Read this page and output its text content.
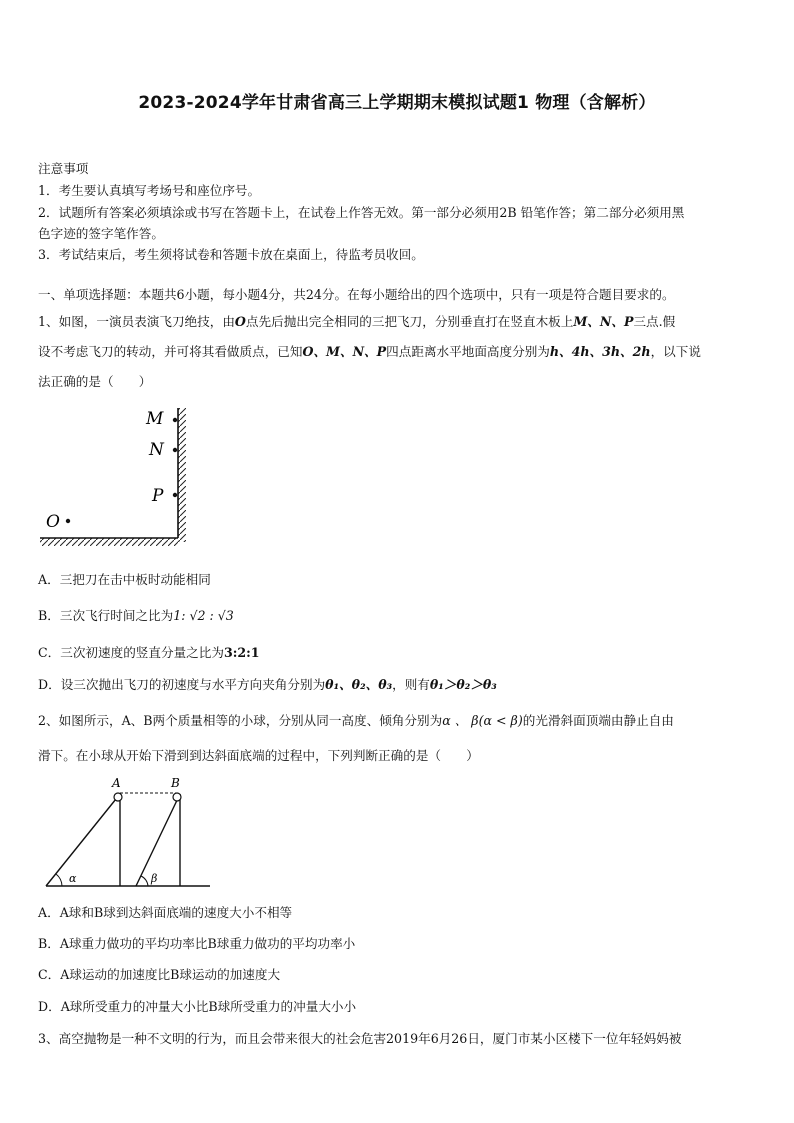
2023-2024学年甘肃省高三上学期期末模拟试题1 物理（含解析）
注意事项
1．考生要认真填写考场号和座位序号。
2．试题所有答案必须填涂或书写在答题卡上，在试卷上作答无效。第一部分必须用2B 铅笔作答；第二部分必须用黑
色字迹的签字笔作答。
3．考试结束后，考生须将试卷和答题卡放在桌面上，待监考员收回。
一、单项选择题：本题共6小题，每小题4分，共24分。在每小题给出的四个选项中，只有一项是符合题目要求的。
1、如图，一演员表演飞刀绝技，由O点先后抛出完全相同的三把飞刀，分别垂直打在竖直木板上M、N、P三点.假
设不考虑飞刀的转动，并可将其看做质点，已知O、M、N、P四点距离水平地面高度分别为h、4h、3h、2h，以下说
法正确的是（　　）
M
N
P
O
A．三把刀在击中板时动能相同
B．三次飞行时间之比为1: √2 : √3
C．三次初速度的竖直分量之比为3:2:1
D．设三次抛出飞刀的初速度与水平方向夹角分别为θ₁、θ₂、θ₃，则有θ₁＞θ₂＞θ₃
2、如图所示，A、B两个质量相等的小球，分别从同一高度、倾角分别为α 、 β(α < β)的光滑斜面顶端由静止自由
滑下。在小球从开始下滑到到达斜面底端的过程中，下列判断正确的是（　　）
A	B
α	β
A．A球和B球到达斜面底端的速度大小不相等
B．A球重力做功的平均功率比B球重力做功的平均功率小
C．A球运动的加速度比B球运动的加速度大
D．A球所受重力的冲量大小比B球所受重力的冲量大小小
3、高空抛物是一种不文明的行为，而且会带来很大的社会危害2019年6月26日，厦门市某小区楼下一位年轻妈妈被
